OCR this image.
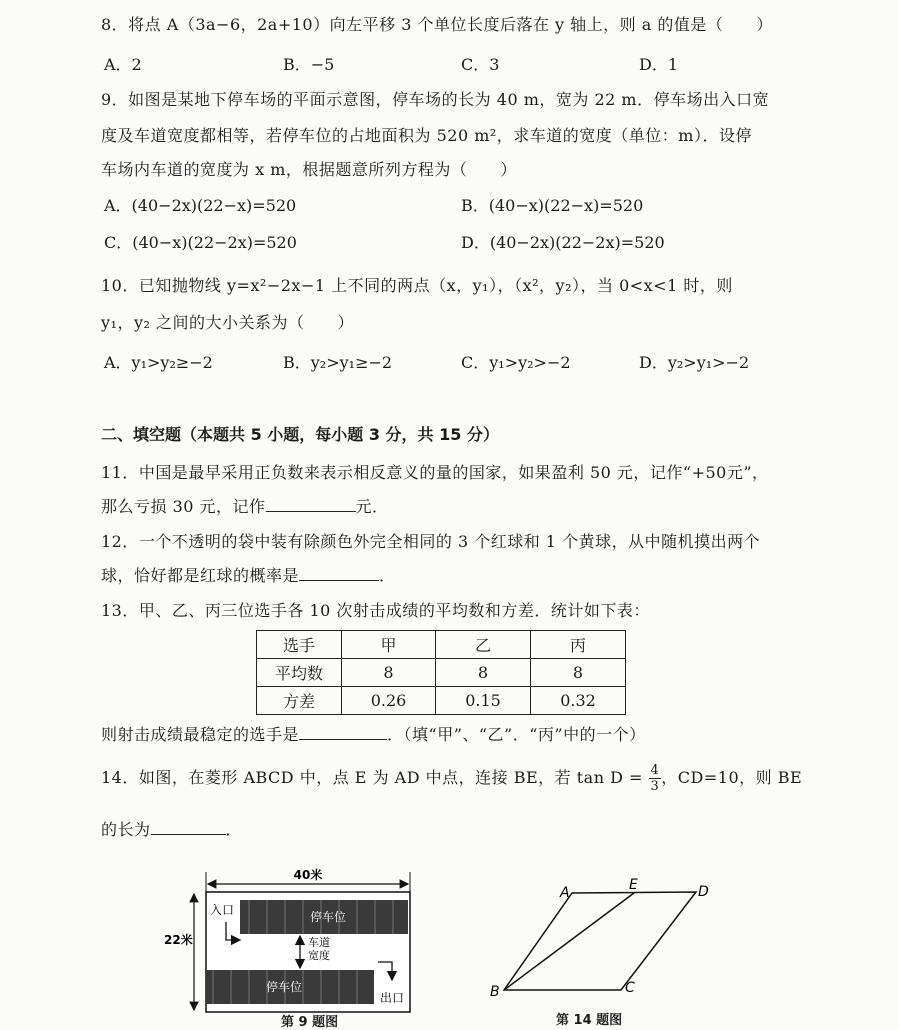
8．将点 A（3a−6，2a+10）向左平移 3 个单位长度后落在 y 轴上，则 a 的值是（　　）
A．2	B．−5	C．3	D．1
9．如图是某地下停车场的平面示意图，停车场的长为 40 m，宽为 22 m．停车场出入口宽
度及车道宽度都相等，若停车位的占地面积为 520 m²，求车道的宽度（单位：m）．设停
车场内车道的宽度为 x m，根据题意所列方程为（　　）
A．(40−2x)(22−x)=520	B．(40−x)(22−x)=520
C．(40−x)(22−2x)=520	D．(40−2x)(22−2x)=520
10．已知抛物线 y=x²−2x−1 上不同的两点（x，y₁），（x²，y₂），当 0<x<1 时，则
y₁，y₂ 之间的大小关系为（　　）
A．y₁>y₂≥−2	B．y₂>y₁≥−2	C．y₁>y₂>−2	D．y₂>y₁>−2
二、填空题（本题共 5 小题，每小题 3 分，共 15 分）
11．中国是最早采用正负数来表示相反意义的量的国家，如果盈利 50 元，记作“+50元”，
那么亏损 30 元，记作	元．
12．一个不透明的袋中装有除颜色外完全相同的 3 个红球和 1 个黄球，从中随机摸出两个
球，恰好都是红球的概率是	．
13．甲、乙、丙三位选手各 10 次射击成绩的平均数和方差．统计如下表：
选手	甲	乙	丙
平均数	8	8	8
方差	0.26	0.15	0.32
则射击成绩最稳定的选手是	．（填“甲”、“乙”．“丙”中的一个）
14．如图，在菱形 ABCD 中，点 E 为 AD 中点，连接 BE，若 $\tan D = \frac{4}{3}$ ，CD=10，则 BE
的长为	．
40米
22米
停车位
入口
车道
宽度
停车位
出口
第 9 题图
A	E	D
B	C
第 14 题图
